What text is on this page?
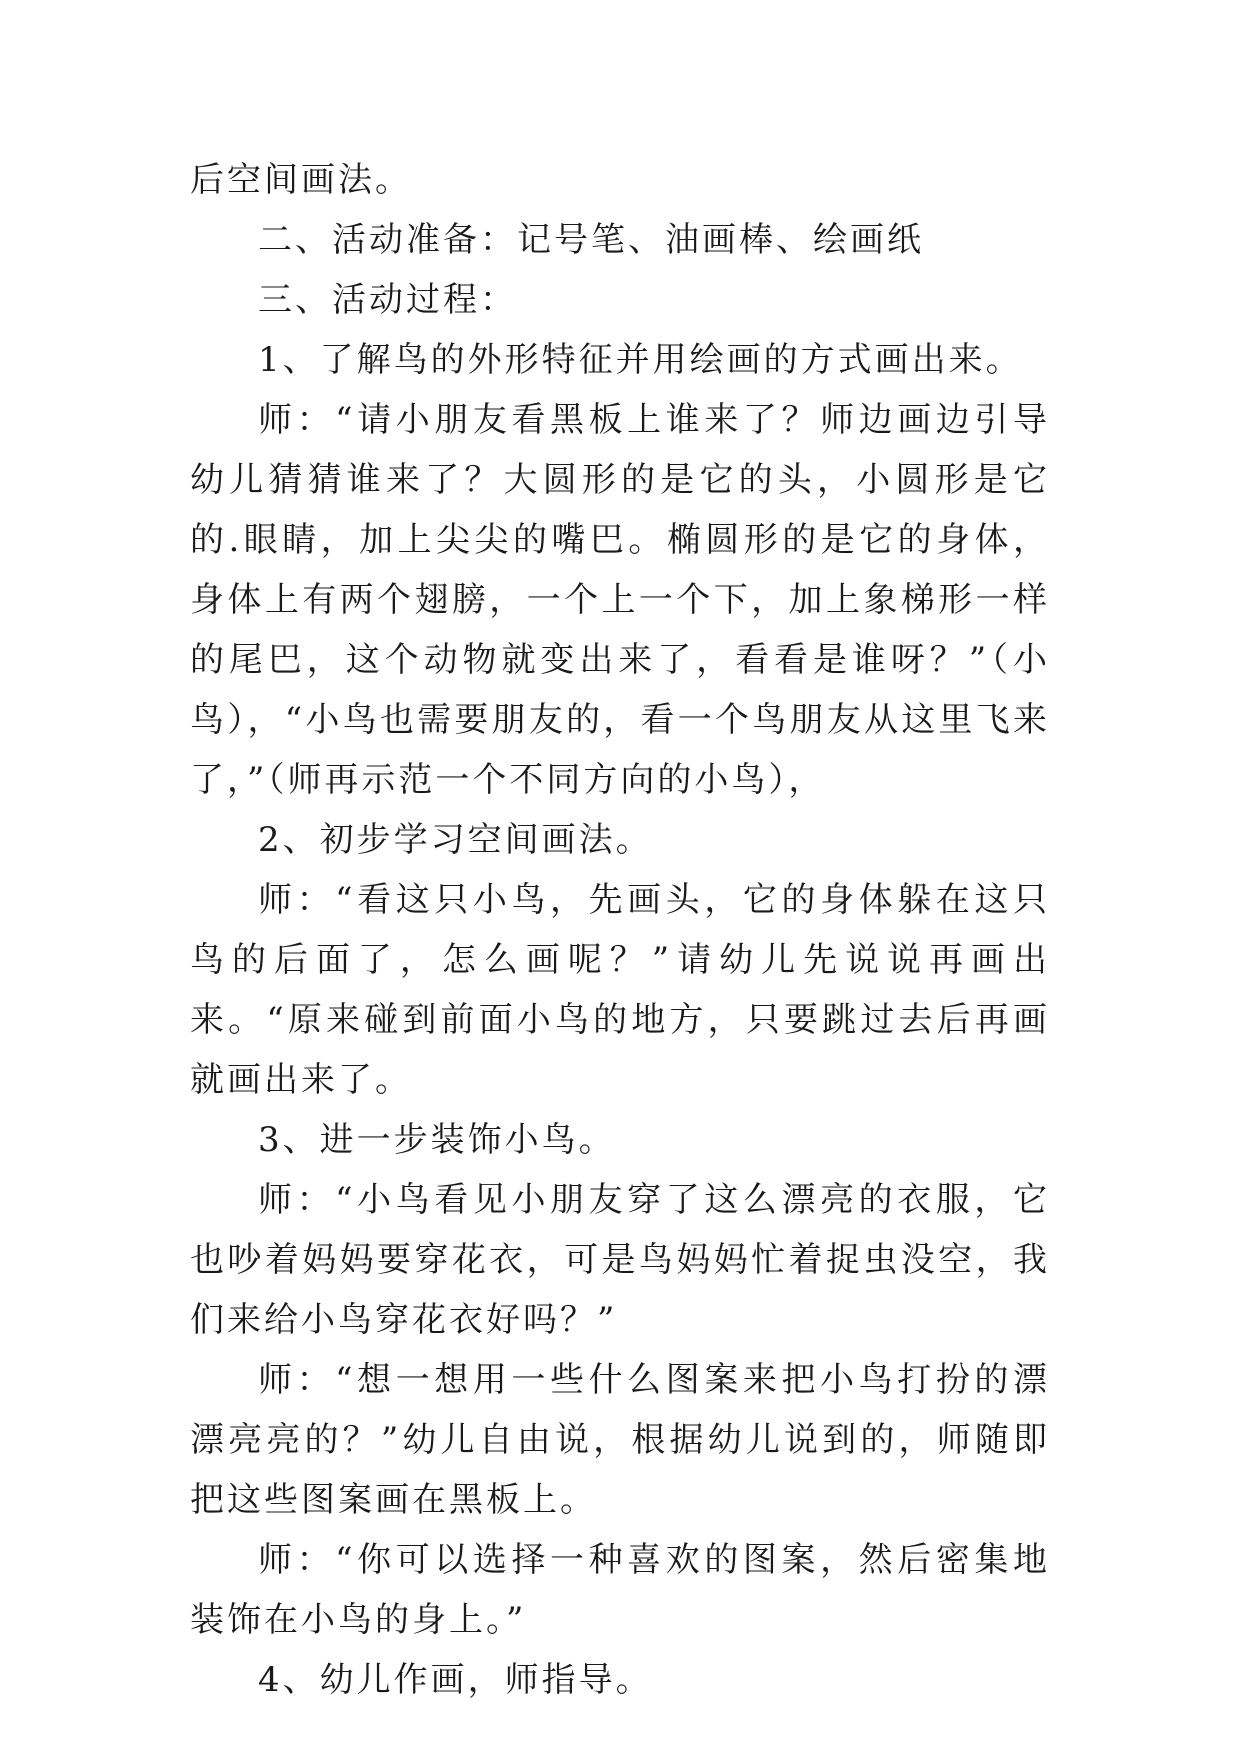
后空间画法。

二、活动准备：记号笔、油画棒、绘画纸

三、活动过程：

1、了解鸟的外形特征并用绘画的方式画出来。

师：“请小朋友看黑板上谁来了？师边画边引导幼儿猜猜谁来了？大圆形的是它的头，小圆形是它的.眼睛，加上尖尖的嘴巴。椭圆形的是它的身体，身体上有两个翅膀，一个上一个下，加上象梯形一样的尾巴，这个动物就变出来了，看看是谁呀？”（小鸟），“小鸟也需要朋友的，看一个鸟朋友从这里飞来了，”（师再示范一个不同方向的小鸟），

2、初步学习空间画法。

师：“看这只小鸟，先画头，它的身体躲在这只鸟的后面了，怎么画呢？”请幼儿先说说再画出来。“原来碰到前面小鸟的地方，只要跳过去后再画就画出来了。

3、进一步装饰小鸟。

师：“小鸟看见小朋友穿了这么漂亮的衣服，它也吵着妈妈要穿花衣，可是鸟妈妈忙着捉虫没空，我们来给小鸟穿花衣好吗？”

师：“想一想用一些什么图案来把小鸟打扮的漂漂亮亮的？”幼儿自由说，根据幼儿说到的，师随即把这些图案画在黑板上。

师：“你可以选择一种喜欢的图案，然后密集地装饰在小鸟的身上。”

4、幼儿作画，师指导。
